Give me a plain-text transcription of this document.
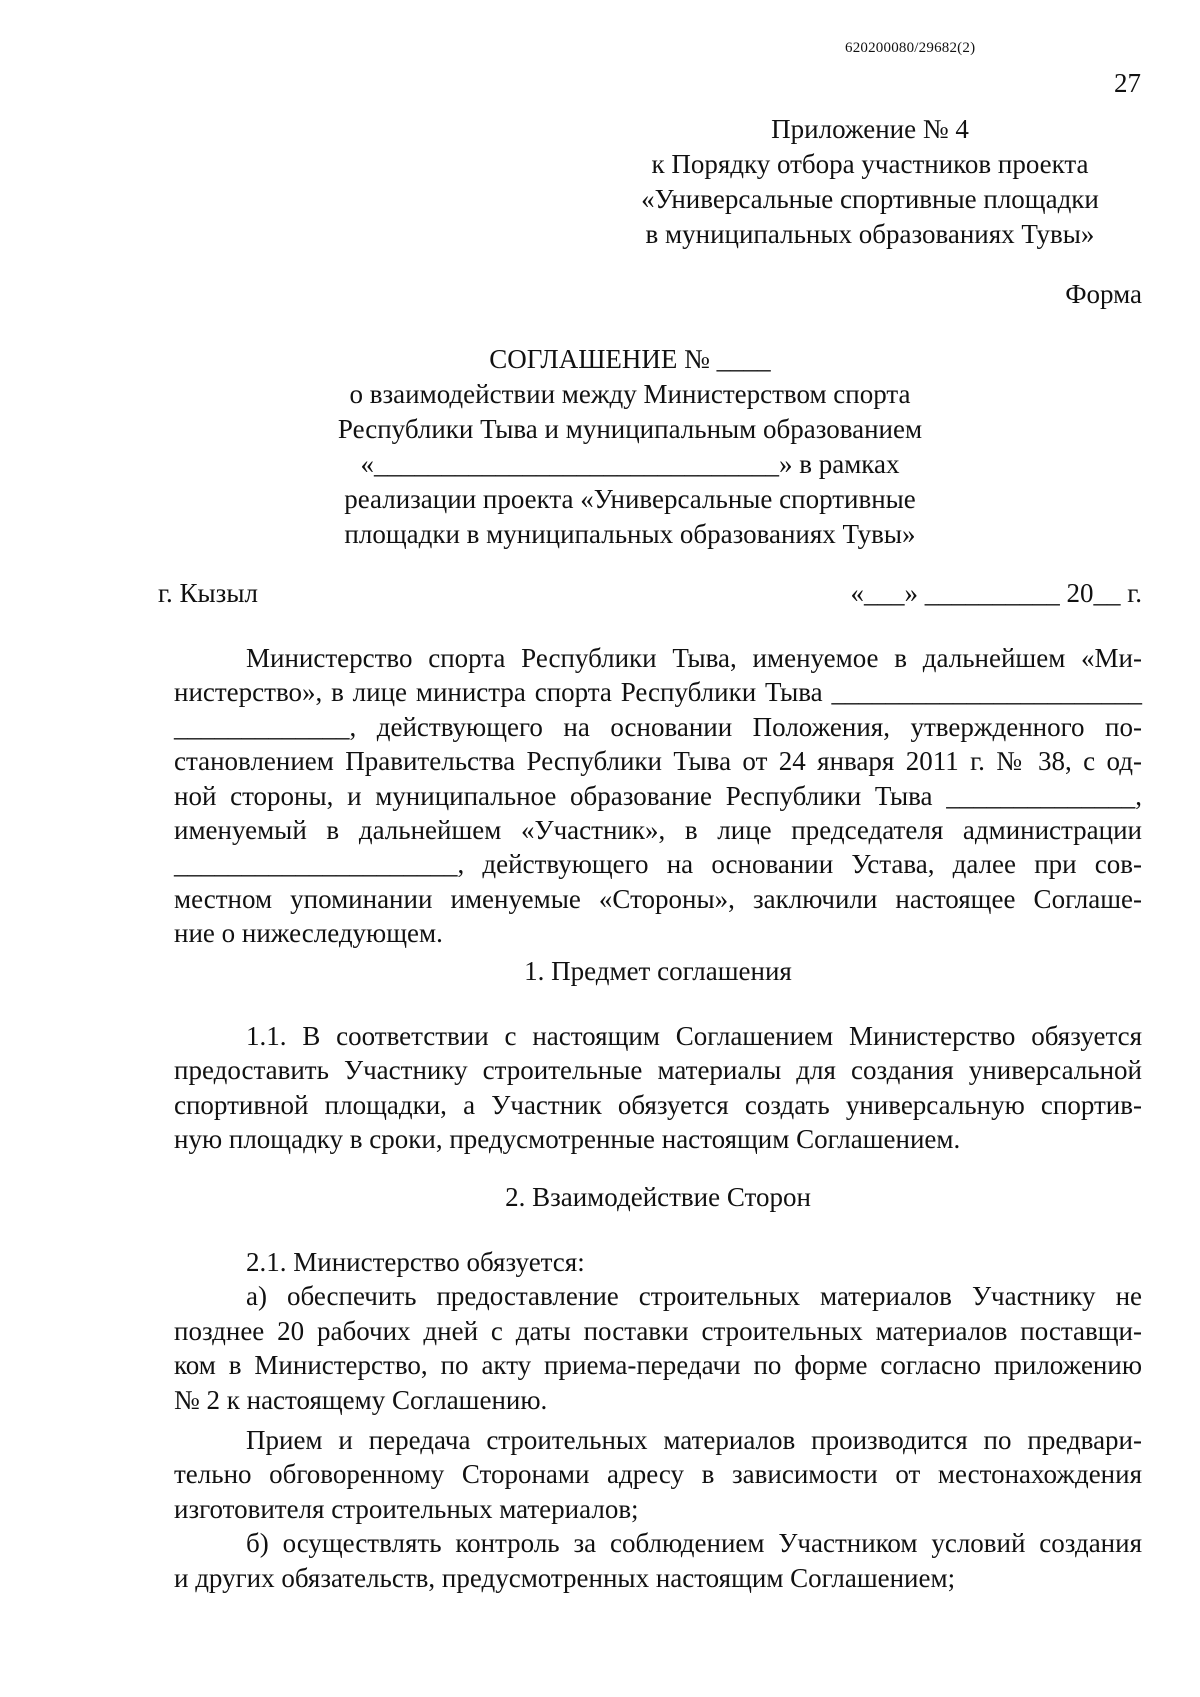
620200080/29682(2)
27
Приложение № 4
к Порядку отбора участников проекта
«Универсальные спортивные площадки
в муниципальных образованиях Тувы»
Форма
СОГЛАШЕНИЕ № ____
о взаимодействии между Министерством спорта
Республики Тыва и муниципальным образованием
«______________________________» в рамках
реализации проекта «Универсальные спортивные
площадки в муниципальных образованиях Тувы»
г. Кызыл	«___» __________ 20__ г.
Министерство спорта Республики Тыва, именуемое в дальнейшем «Ми-
нистерство», в лице министра спорта Республики Тыва _______________________
_____________, действующего на основании Положения, утвержденного по-
становлением Правительства Республики Тыва от 24 января 2011 г. № 38, с од-
ной стороны, и муниципальное образование Республики Тыва ______________,
именуемый в дальнейшем «Участник», в лице председателя администрации
_____________________, действующего на основании Устава, далее при сов-
местном упоминании именуемые «Стороны», заключили настоящее Соглаше-
ние о нижеследующем.
1. Предмет соглашения
1.1. В соответствии с настоящим Соглашением Министерство обязуется
предоставить Участнику строительные материалы для создания универсальной
спортивной площадки, а Участник обязуется создать универсальную спортив-
ную площадку в сроки, предусмотренные настоящим Соглашением.
2. Взаимодействие Сторон
2.1. Министерство обязуется:
а) обеспечить предоставление строительных материалов Участнику не
позднее 20 рабочих дней с даты поставки строительных материалов поставщи-
ком в Министерство, по акту приема-передачи по форме согласно приложению
№ 2 к настоящему Соглашению.
Прием и передача строительных материалов производится по предвари-
тельно обговоренному Сторонами адресу в зависимости от местонахождения
изготовителя строительных материалов;
б) осуществлять контроль за соблюдением Участником условий создания
и других обязательств, предусмотренных настоящим Соглашением;
